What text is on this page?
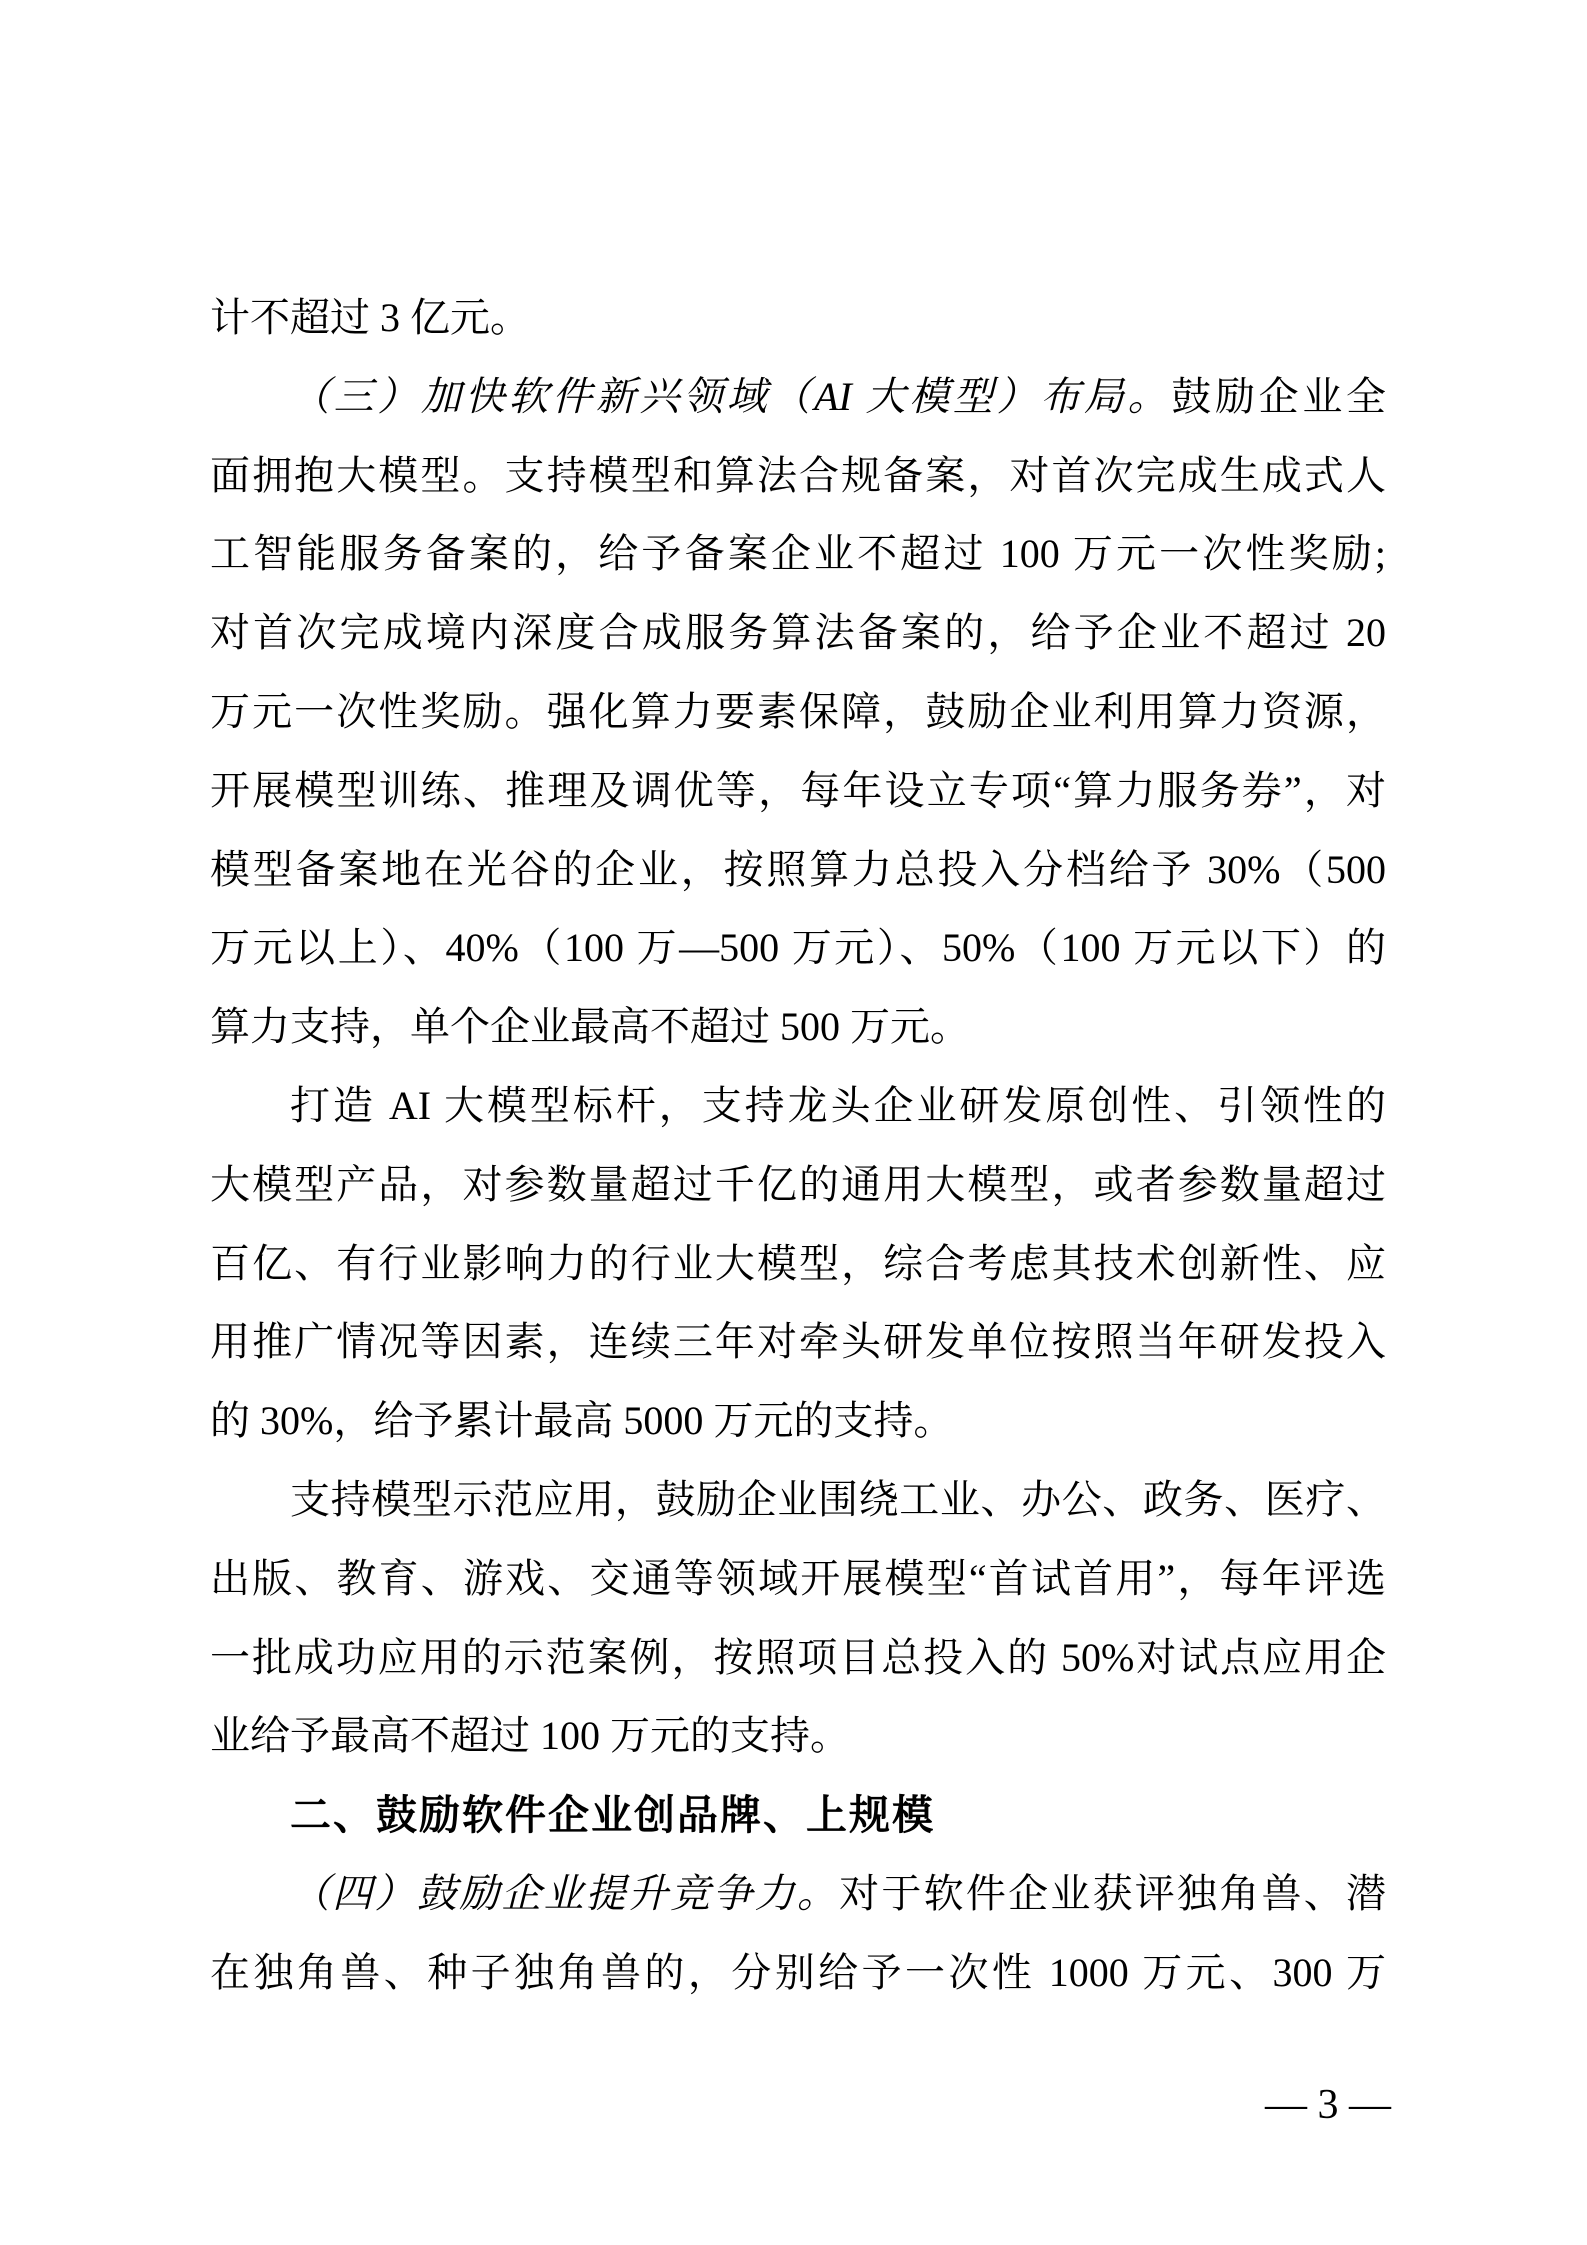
计不超过 3 亿元。
（三）加快软件新兴领域（AI 大模型）布局。鼓励企业全
面拥抱大模型。支持模型和算法合规备案，对首次完成生成式人
工智能服务备案的，给予备案企业不超过 100 万元一次性奖励;
对首次完成境内深度合成服务算法备案的，给予企业不超过 20
万元一次性奖励。强化算力要素保障，鼓励企业利用算力资源，
开展模型训练、推理及调优等，每年设立专项“算力服务券”，对
模型备案地在光谷的企业，按照算力总投入分档给予 30%（500
万元以上）、40%（100 万—500 万元）、50%（100 万元以下）的
算力支持，单个企业最高不超过 500 万元。
打造 AI 大模型标杆，支持龙头企业研发原创性、引领性的
大模型产品，对参数量超过千亿的通用大模型，或者参数量超过
百亿、有行业影响力的行业大模型，综合考虑其技术创新性、应
用推广情况等因素，连续三年对牵头研发单位按照当年研发投入
的 30%，给予累计最高 5000 万元的支持。
支持模型示范应用，鼓励企业围绕工业、办公、政务、医疗、
出版、教育、游戏、交通等领域开展模型“首试首用”，每年评选
一批成功应用的示范案例，按照项目总投入的 50%对试点应用企
业给予最高不超过 100 万元的支持。
二、鼓励软件企业创品牌、上规模
（四）鼓励企业提升竞争力。对于软件企业获评独角兽、潜
在独角兽、种子独角兽的，分别给予一次性 1000 万元、300 万
— 3 —
